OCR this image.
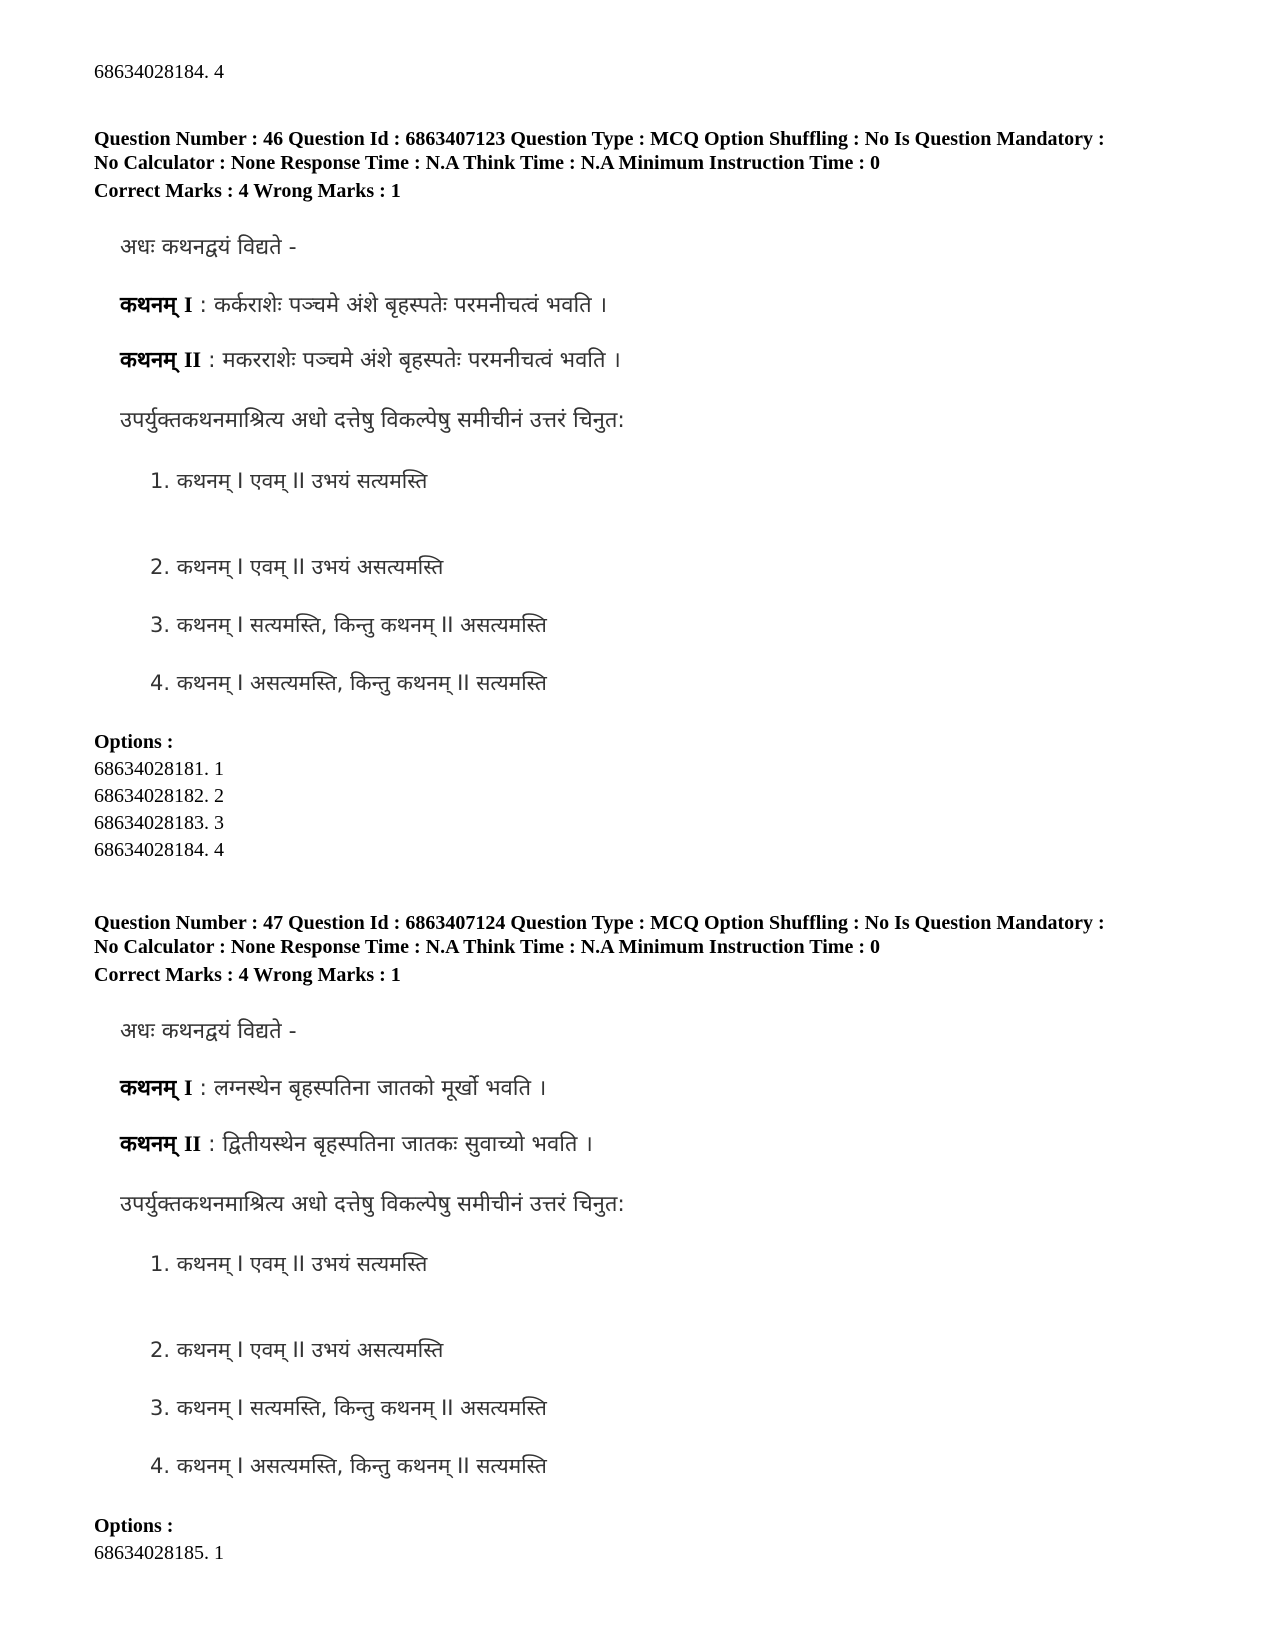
68634028184. 4
Question Number : 46 Question Id : 6863407123 Question Type : MCQ Option Shuffling : No Is Question Mandatory :
No Calculator : None Response Time : N.A Think Time : N.A Minimum Instruction Time : 0
Correct Marks : 4 Wrong Marks : 1
अधः कथनद्वयं विद्यते -
कथनम् I : कर्कराशेः पञ्चमे अंशे बृहस्पतेः परमनीचत्वं भवति ।
कथनम् II : मकरराशेः पञ्चमे अंशे बृहस्पतेः परमनीचत्वं भवति ।
उपर्युक्तकथनमाश्रित्य अधो दत्तेषु विकल्पेषु समीचीनं उत्तरं चिनुत:
1. कथनम् I एवम् II उभयं सत्यमस्ति
2. कथनम् I एवम् II उभयं असत्यमस्ति
3. कथनम् I सत्यमस्ति, किन्तु कथनम् II असत्यमस्ति
4. कथनम् I असत्यमस्ति, किन्तु कथनम् II सत्यमस्ति
Options :
68634028181. 1
68634028182. 2
68634028183. 3
68634028184. 4
Question Number : 47 Question Id : 6863407124 Question Type : MCQ Option Shuffling : No Is Question Mandatory :
No Calculator : None Response Time : N.A Think Time : N.A Minimum Instruction Time : 0
Correct Marks : 4 Wrong Marks : 1
अधः कथनद्वयं विद्यते -
कथनम् I : लग्नस्थेन बृहस्पतिना जातको मूर्खो भवति ।
कथनम् II : द्वितीयस्थेन बृहस्पतिना जातकः सुवाच्यो भवति ।
उपर्युक्तकथनमाश्रित्य अधो दत्तेषु विकल्पेषु समीचीनं उत्तरं चिनुत:
1. कथनम् I एवम् II उभयं सत्यमस्ति
2. कथनम् I एवम् II उभयं असत्यमस्ति
3. कथनम् I सत्यमस्ति, किन्तु कथनम् II असत्यमस्ति
4. कथनम् I असत्यमस्ति, किन्तु कथनम् II सत्यमस्ति
Options :
68634028185. 1
